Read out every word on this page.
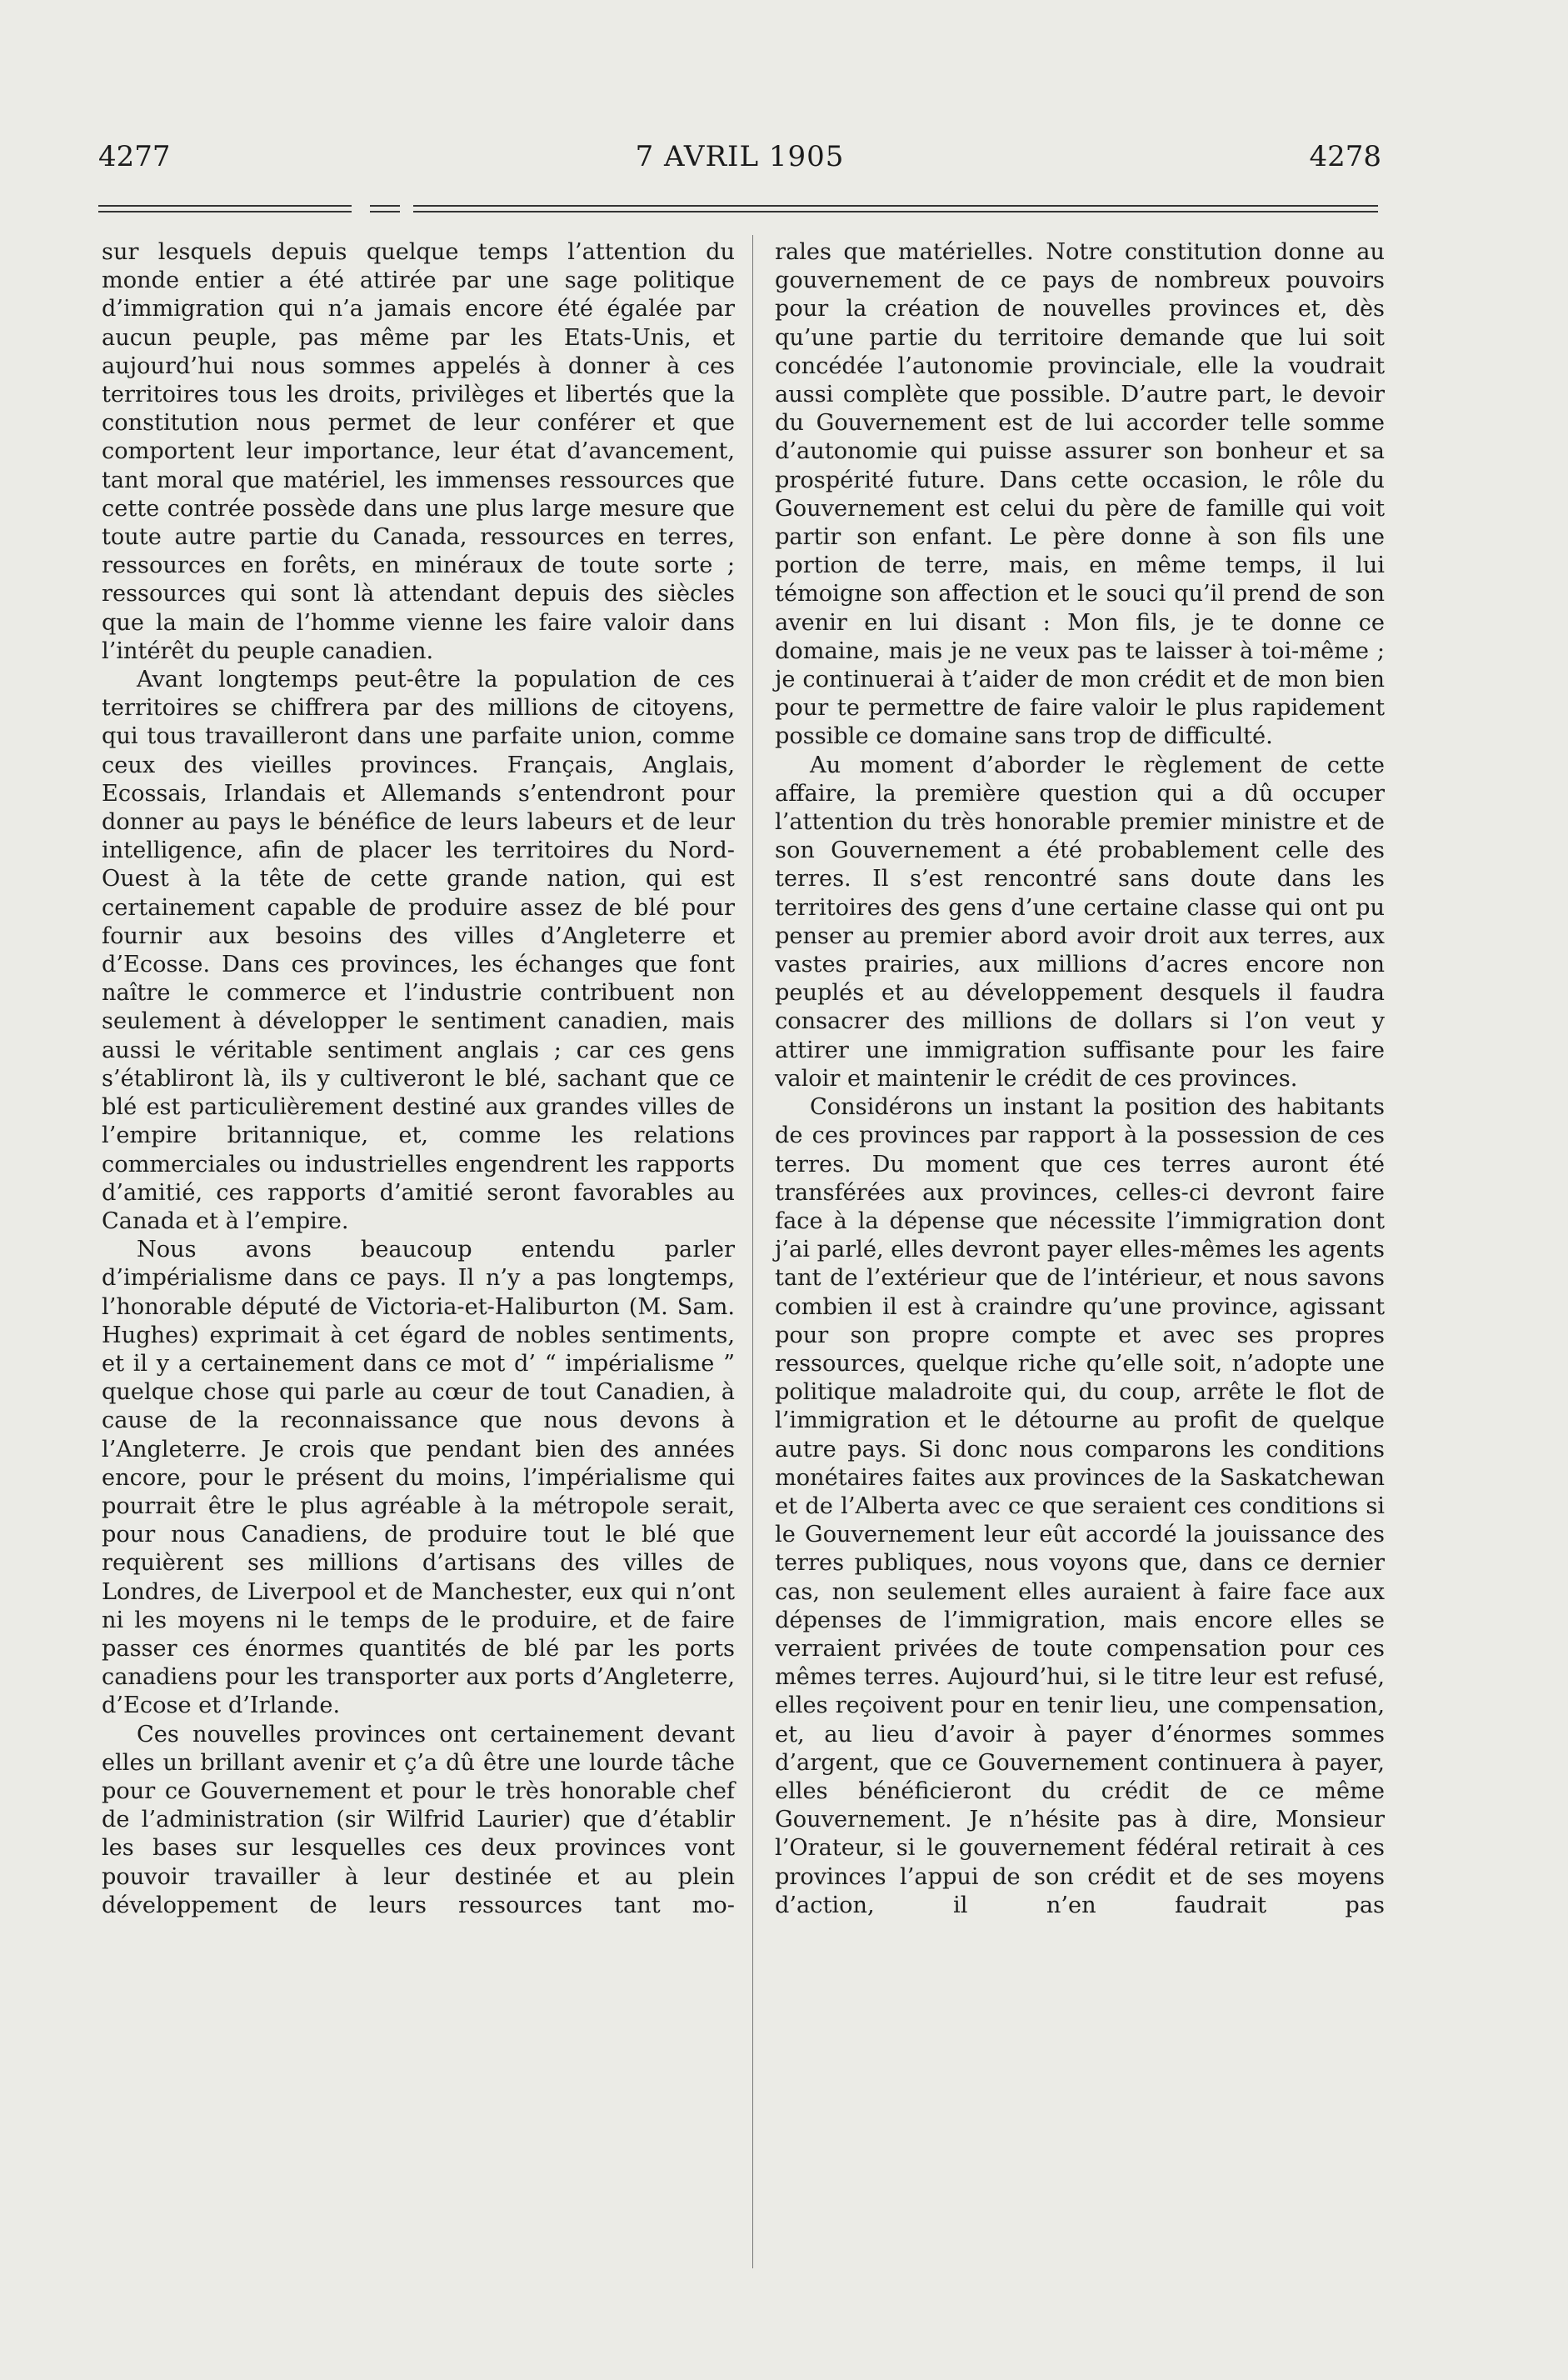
4277	7 AVRIL 1905	4278

sur lesquels depuis quelque temps l’attention du monde entier a été attirée par une sage politique d’immigration qui n’a jamais encore été égalée par aucun peuple, pas même par les Etats-Unis, et aujourd’hui nous sommes appelés à donner à ces territoires tous les droits, privilèges et libertés que la constitution nous permet de leur conférer et que comportent leur importance, leur état d’avancement, tant moral que matériel, les immenses ressources que cette contrée possède dans une plus large mesure que toute autre partie du Canada, ressources en terres, ressources en forêts, en minéraux de toute sorte ; ressources qui sont là attendant depuis des siècles que la main de l’homme vienne les faire valoir dans l’intérêt du peuple canadien.

Avant longtemps peut-être la population de ces territoires se chiffrera par des millions de citoyens, qui tous travailleront dans une parfaite union, comme ceux des vieilles provinces. Français, Anglais, Ecossais, Irlandais et Allemands s’entendront pour donner au pays le bénéfice de leurs labeurs et de leur intelligence, afin de placer les territoires du Nord-Ouest à la tête de cette grande nation, qui est certainement capable de produire assez de blé pour fournir aux besoins des villes d’Angleterre et d’Ecosse. Dans ces provinces, les échanges que font naître le commerce et l’industrie contribuent non seulement à développer le sentiment canadien, mais aussi le véritable sentiment anglais ; car ces gens s’établiront là, ils y cultiveront le blé, sachant que ce blé est particulièrement destiné aux grandes villes de l’empire britannique, et, comme les relations commerciales ou industrielles engendrent les rapports d’amitié, ces rapports d’amitié seront favorables au Canada et à l’empire.

Nous avons beaucoup entendu parler d’impérialisme dans ce pays. Il n’y a pas longtemps, l’honorable député de Victoria-et-Haliburton (M. Sam. Hughes) exprimait à cet égard de nobles sentiments, et il y a certainement dans ce mot d’ “ impérialisme ” quelque chose qui parle au cœur de tout Canadien, à cause de la reconnaissance que nous devons à l’Angleterre. Je crois que pendant bien des années encore, pour le présent du moins, l’impérialisme qui pourrait être le plus agréable à la métropole serait, pour nous Canadiens, de produire tout le blé que requièrent ses millions d’artisans des villes de Londres, de Liverpool et de Manchester, eux qui n’ont ni les moyens ni le temps de le produire, et de faire passer ces énormes quantités de blé par les ports canadiens pour les transporter aux ports d’Angleterre, d’Ecose et d’Irlande.

Ces nouvelles provinces ont certainement devant elles un brillant avenir et ç’a dû être une lourde tâche pour ce Gouvernement et pour le très honorable chef de l’administration (sir Wilfrid Laurier) que d’établir les bases sur lesquelles ces deux provinces vont pouvoir travailler à leur destinée et au plein développement de leurs ressources tant mo-

rales que matérielles. Notre constitution donne au gouvernement de ce pays de nombreux pouvoirs pour la création de nouvelles provinces et, dès qu’une partie du territoire demande que lui soit concédée l’autonomie provinciale, elle la voudrait aussi complète que possible. D’autre part, le devoir du Gouvernement est de lui accorder telle somme d’autonomie qui puisse assurer son bonheur et sa prospérité future. Dans cette occasion, le rôle du Gouvernement est celui du père de famille qui voit partir son enfant. Le père donne à son fils une portion de terre, mais, en même temps, il lui témoigne son affection et le souci qu’il prend de son avenir en lui disant : Mon fils, je te donne ce domaine, mais je ne veux pas te laisser à toi-même ; je continuerai à t’aider de mon crédit et de mon bien pour te permettre de faire valoir le plus rapidement possible ce domaine sans trop de difficulté.

Au moment d’aborder le règlement de cette affaire, la première question qui a dû occuper l’attention du très honorable premier ministre et de son Gouvernement a été probablement celle des terres. Il s’est rencontré sans doute dans les territoires des gens d’une certaine classe qui ont pu penser au premier abord avoir droit aux terres, aux vastes prairies, aux millions d’acres encore non peuplés et au développement desquels il faudra consacrer des millions de dollars si l’on veut y attirer une immigration suffisante pour les faire valoir et maintenir le crédit de ces provinces.

Considérons un instant la position des habitants de ces provinces par rapport à la possession de ces terres. Du moment que ces terres auront été transférées aux provinces, celles-ci devront faire face à la dépense que nécessite l’immigration dont j’ai parlé, elles devront payer elles-mêmes les agents tant de l’extérieur que de l’intérieur, et nous savons combien il est à craindre qu’une province, agissant pour son propre compte et avec ses propres ressources, quelque riche qu’elle soit, n’adopte une politique maladroite qui, du coup, arrête le flot de l’immigration et le détourne au profit de quelque autre pays. Si donc nous comparons les conditions monétaires faites aux provinces de la Saskatchewan et de l’Alberta avec ce que seraient ces conditions si le Gouvernement leur eût accordé la jouissance des terres publiques, nous voyons que, dans ce dernier cas, non seulement elles auraient à faire face aux dépenses de l’immigration, mais encore elles se verraient privées de toute compensation pour ces mêmes terres. Aujourd’hui, si le titre leur est refusé, elles reçoivent pour en tenir lieu, une compensation, et, au lieu d’avoir à payer d’énormes sommes d’argent, que ce Gouvernement continuera à payer, elles bénéficieront du crédit de ce même Gouvernement. Je n’hésite pas à dire, Monsieur l’Orateur, si le gouvernement fédéral retirait à ces provinces l’appui de son crédit et de ses moyens d’action, il n’en faudrait pas
